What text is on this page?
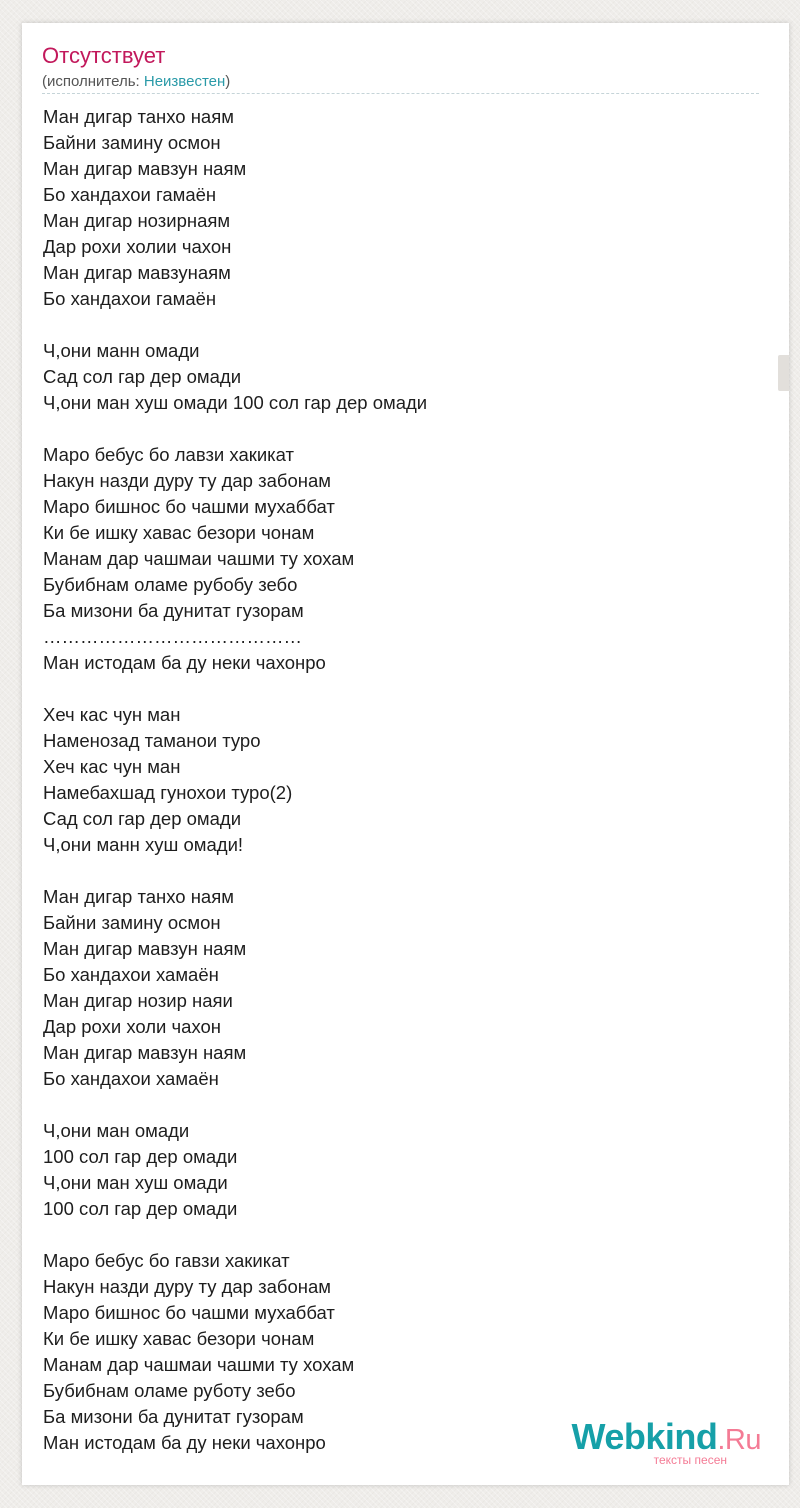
Отсутствует
(исполнитель: Неизвестен)
Ман дигар танхо наям
Байни замину осмон
Ман дигар мавзун наям
Бо хандахои гамаён
Ман дигар нозирнаям
Дар рохи холии чахон
Ман дигар мавзунаям
Бо хандахои гамаён
Ч,они манн омади
Сад сол гар дер омади
Ч,они ман хуш омади 100 сол гар дер омади
Маро бебус бо лавзи хакикат
Накун назди дуру ту дар забонам
Маро бишнос бо чашми мухаббат
Ки бе ишку хавас безори чонам
Манам дар чашмаи чашми ту хохам
Бубибнам оламе рубобу зебо
Ба мизони ба дунитат гузорам
……………………………………
Ман истодам ба ду неки чахонро
Хеч кас чун ман
Наменозад таманои туро
Хеч кас чун ман
Намебахшад гунохои туро(2)
Сад сол гар дер омади
Ч,они манн хуш омади!
Ман дигар танхо наям
Байни замину осмон
Ман дигар мавзун наям
Бо хандахои хамаён
Ман дигар нозир наяи
Дар рохи холи чахон
Ман дигар мавзун наям
Бо хандахои хамаён
Ч,они ман омади
100 сол гар дер омади
Ч,они ман хуш омади
100 сол гар дер омади
Маро бебус бо гавзи хакикат
Накун назди дуру ту дар забонам
Маро бишнос бо чашми мухаббат
Ки бе ишку хавас безори чонам
Манам дар чашмаи чашми ту хохам
Бубибнам оламе руботу зебо
Ба мизони ба дунитат гузорам
Ман истодам ба ду неки чахонро	Webkind.Ru
тексты песен
